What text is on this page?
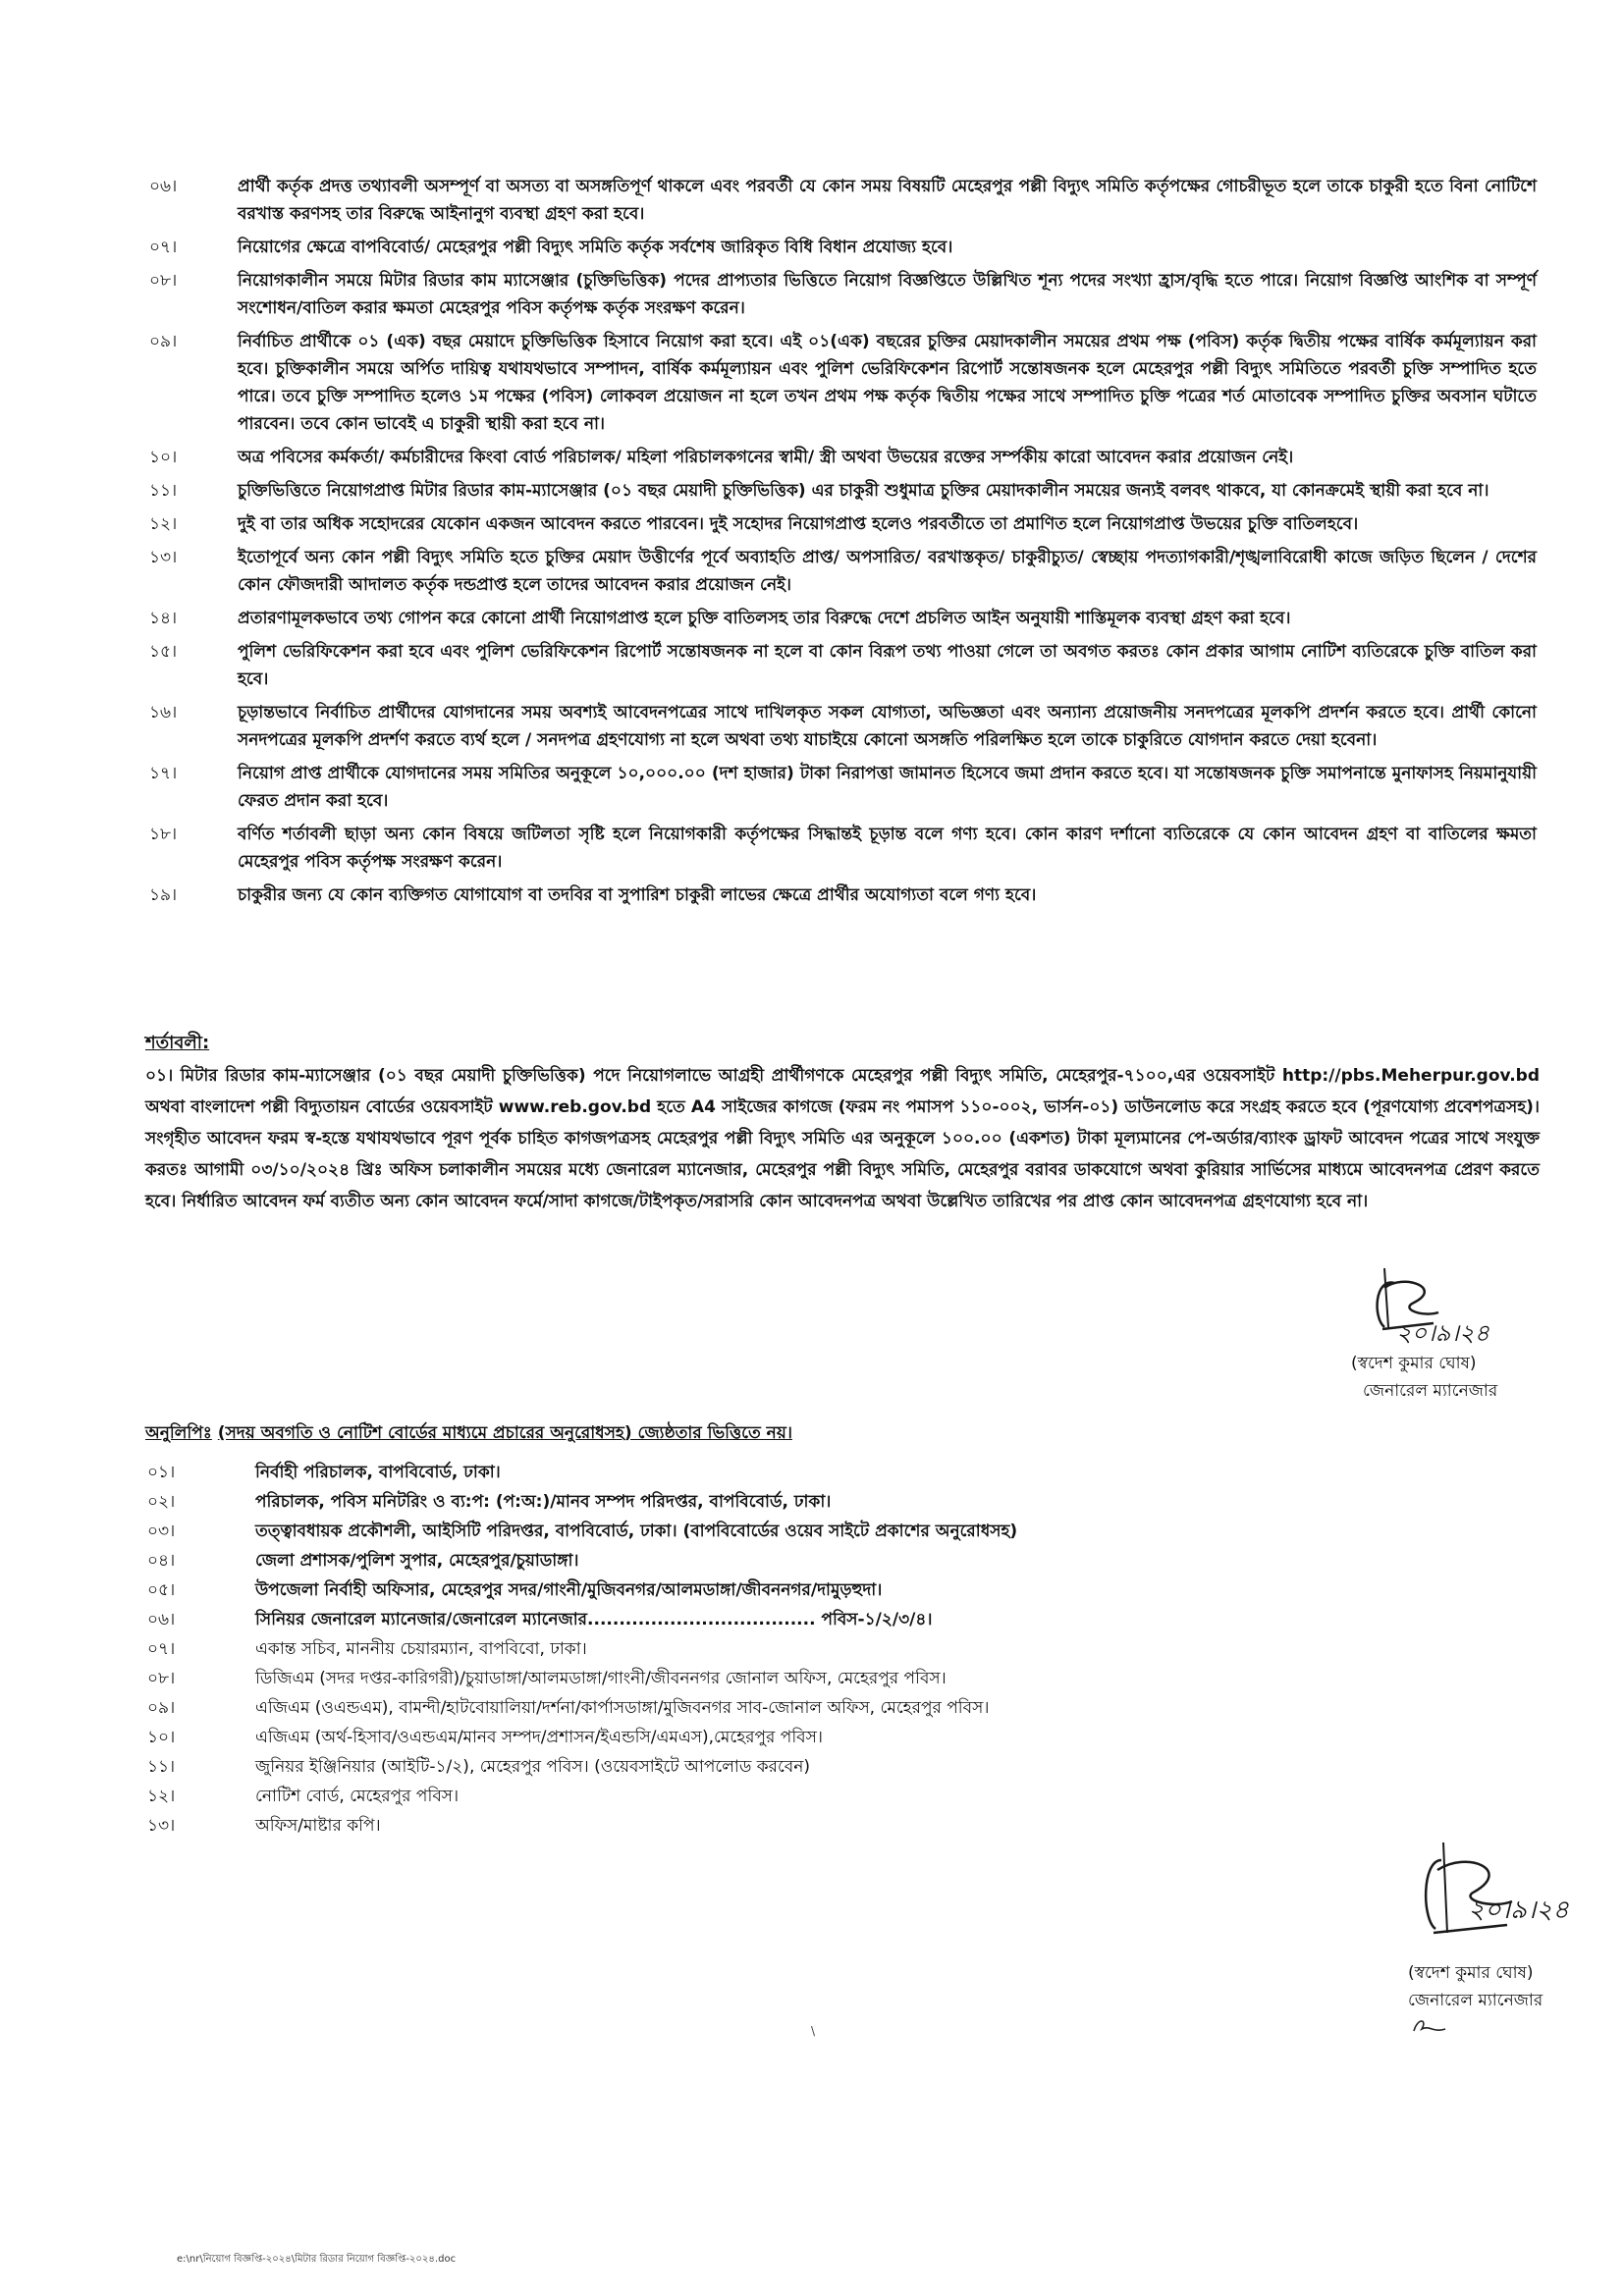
০৬।	প্রার্থী কর্তৃক প্রদত্ত তথ্যাবলী অসম্পূর্ণ বা অসত্য বা অসঙ্গতিপূর্ণ থাকলে এবং পরবর্তী যে কোন সময় বিষয়টি মেহেরপুর পল্লী বিদ্যুৎ সমিতি কর্তৃপক্ষের গোচরীভূত হলে তাকে চাকুরী হতে বিনা নোটিশে বরখাস্ত করণসহ তার বিরুদ্ধে আইনানুগ ব্যবস্থা গ্রহণ করা হবে।
০৭।	নিয়োগের ক্ষেত্রে বাপবিবোর্ড/ মেহেরপুর পল্লী বিদ্যুৎ সমিতি কর্তৃক সর্বশেষ জারিকৃত বিধি বিধান প্রযোজ্য হবে।
০৮।	নিয়োগকালীন সময়ে মিটার রিডার কাম ম্যাসেঞ্জার (চুক্তিভিত্তিক) পদের প্রাপ্যতার ভিত্তিতে নিয়োগ বিজ্ঞপ্তিতে উল্লিখিত শূন্য পদের সংখ্যা হ্রাস/বৃদ্ধি হতে পারে। নিয়োগ বিজ্ঞপ্তি আংশিক বা সম্পূর্ণ সংশোধন/বাতিল করার ক্ষমতা মেহেরপুর পবিস কর্তৃপক্ষ কর্তৃক সংরক্ষণ করেন।
০৯।	নির্বাচিত প্রার্থীকে ০১ (এক) বছর মেয়াদে চুক্তিভিত্তিক হিসাবে নিয়োগ করা হবে। এই ০১(এক) বছরের চুক্তির মেয়াদকালীন সময়ের প্রথম পক্ষ (পবিস) কর্তৃক দ্বিতীয় পক্ষের বার্ষিক কর্মমূল্যায়ন করা হবে। চুক্তিকালীন সময়ে অর্পিত দায়িত্ব যথাযথভাবে সম্পাদন, বার্ষিক কর্মমূল্যায়ন এবং পুলিশ ভেরিফিকেশন রিপোর্ট সন্তোষজনক হলে মেহেরপুর পল্লী বিদ্যুৎ সমিতিতে পরবর্তী চুক্তি সম্পাদিত হতে পারে। তবে চুক্তি সম্পাদিত হলেও ১ম পক্ষের (পবিস) লোকবল প্রয়োজন না হলে তখন প্রথম পক্ষ কর্তৃক দ্বিতীয় পক্ষের সাথে সম্পাদিত চুক্তি পত্রের শর্ত মোতাবেক সম্পাদিত চুক্তির অবসান ঘটাতে পারবেন। তবে কোন ভাবেই এ চাকুরী স্থায়ী করা হবে না।
১০।	অত্র পবিসের কর্মকর্তা/ কর্মচারীদের কিংবা বোর্ড পরিচালক/ মহিলা পরিচালকগনের স্বামী/ স্ত্রী অথবা উভয়ের রক্তের সর্ম্পকীয় কারো আবেদন করার প্রয়োজন নেই।
১১।	চুক্তিভিত্তিতে নিয়োগপ্রাপ্ত মিটার রিডার কাম-ম্যাসেঞ্জার (০১ বছর মেয়াদী চুক্তিভিত্তিক) এর চাকুরী শুধুমাত্র চুক্তির মেয়াদকালীন সময়ের জন্যই বলবৎ থাকবে, যা কোনক্রমেই স্থায়ী করা হবে না।
১২।	দুই বা তার অধিক সহোদরের যেকোন একজন আবেদন করতে পারবেন। দুই সহোদর নিয়োগপ্রাপ্ত হলেও পরবর্তীতে তা প্রমাণিত হলে নিয়োগপ্রাপ্ত উভয়ের চুক্তি বাতিলহবে।
১৩।	ইতোপূর্বে অন্য কোন পল্লী বিদ্যুৎ সমিতি হতে চুক্তির মেয়াদ উত্তীর্ণের পূর্বে অব্যাহতি প্রাপ্ত/ অপসারিত/ বরখাস্তকৃত/ চাকুরীচ্যুত/ স্বেচ্ছায় পদত্যাগকারী/শৃঙ্খলাবিরোধী কাজে জড়িত ছিলেন / দেশের কোন ফৌজদারী আদালত কর্তৃক দন্ডপ্রাপ্ত হলে তাদের আবেদন করার প্রয়োজন নেই।
১৪।	প্রতারণামূলকভাবে তথ্য গোপন করে কোনো প্রার্থী নিয়োগপ্রাপ্ত হলে চুক্তি বাতিলসহ তার বিরুদ্ধে দেশে প্রচলিত আইন অনুযায়ী শাস্তিমূলক ব্যবস্থা গ্রহণ করা হবে।
১৫।	পুলিশ ভেরিফিকেশন করা হবে এবং পুলিশ ভেরিফিকেশন রিপোর্ট সন্তোষজনক না হলে বা কোন বিরূপ তথ্য পাওয়া গেলে তা অবগত করতঃ কোন প্রকার আগাম নোটিশ ব্যতিরেকে চুক্তি বাতিল করা হবে।
১৬।	চূড়ান্তভাবে নির্বাচিত প্রার্থীদের যোগদানের সময় অবশ্যই আবেদনপত্রের সাথে দাখিলকৃত সকল যোগ্যতা, অভিজ্ঞতা এবং অন্যান্য প্রয়োজনীয় সনদপত্রের মূলকপি প্রদর্শন করতে হবে। প্রার্থী কোনো সনদপত্রের মূলকপি প্রদর্শণ করতে ব্যর্থ হলে / সনদপত্র গ্রহণযোগ্য না হলে অথবা তথ্য যাচাইয়ে কোনো অসঙ্গতি পরিলক্ষিত হলে তাকে চাকুরিতে যোগদান করতে দেয়া হবেনা।
১৭।	নিয়োগ প্রাপ্ত প্রার্থীকে যোগদানের সময় সমিতির অনুকূলে ১০,০০০.০০ (দশ হাজার) টাকা নিরাপত্তা জামানত হিসেবে জমা প্রদান করতে হবে। যা সন্তোষজনক চুক্তি সমাপনান্তে মুনাফাসহ নিয়মানুযায়ী ফেরত প্রদান করা হবে।
১৮।	বর্ণিত শর্তাবলী ছাড়া অন্য কোন বিষয়ে জটিলতা সৃষ্টি হলে নিয়োগকারী কর্তৃপক্ষের সিদ্ধান্তই চূড়ান্ত বলে গণ্য হবে। কোন কারণ দর্শানো ব্যতিরেকে যে কোন আবেদন গ্রহণ বা বাতিলের ক্ষমতা মেহেরপুর পবিস কর্তৃপক্ষ সংরক্ষণ করেন।
১৯।	চাকুরীর জন্য যে কোন ব্যক্তিগত যোগাযোগ বা তদবির বা সুপারিশ চাকুরী লাভের ক্ষেত্রে প্রার্থীর অযোগ্যতা বলে গণ্য হবে।
শর্তাবলী:
০১। মিটার রিডার কাম-ম্যাসেঞ্জার (০১ বছর মেয়াদী চুক্তিভিত্তিক) পদে নিয়োগলাভে আগ্রহী প্রার্থীগণকে মেহেরপুর পল্লী বিদ্যুৎ সমিতি, মেহেরপুর-৭১০০,এর ওয়েবসাইট http://pbs.Meherpur.gov.bd অথবা বাংলাদেশ পল্লী বিদ্যুতায়ন বোর্ডের ওয়েবসাইট www.reb.gov.bd হতে A4 সাইজের কাগজে (ফরম নং পমাসপ ১১০-০০২, ভার্সন-০১) ডাউনলোড করে সংগ্রহ করতে হবে (পূরণযোগ্য প্রবেশপত্রসহ)। সংগৃহীত আবেদন ফরম স্ব-হস্তে যথাযথভাবে পূরণ পূর্বক চাহিত কাগজপত্রসহ মেহেরপুর পল্লী বিদ্যুৎ সমিতি এর অনুকূলে ১০০.০০ (একশত) টাকা মূল্যমানের পে-অর্ডার/ব্যাংক ড্রাফট আবেদন পত্রের সাথে সংযুক্ত করতঃ আগামী ০৩/১০/২০২৪ খ্রিঃ অফিস চলাকালীন সময়ের মধ্যে জেনারেল ম্যানেজার, মেহেরপুর পল্লী বিদ্যুৎ সমিতি, মেহেরপুর বরাবর ডাকযোগে অথবা কুরিয়ার সার্ভিসের মাধ্যমে আবেদনপত্র প্রেরণ করতে হবে। নির্ধারিত আবেদন ফর্ম ব্যতীত অন্য কোন আবেদন ফর্মে/সাদা কাগজে/টাইপকৃত/সরাসরি কোন আবেদনপত্র অথবা উল্লেখিত তারিখের পর প্রাপ্ত কোন আবেদনপত্র গ্রহণযোগ্য হবে না।
২০।৯।২৪
(স্বদেশ কুমার ঘোষ)
জেনারেল ম্যানেজার
অনুলিপিঃ (সদয় অবগতি ও নোটিশ বোর্ডের মাধ্যমে প্রচারের অনুরোধসহ) জ্যেষ্ঠতার ভিত্তিতে নয়।
০১।	নির্বাহী পরিচালক, বাপবিবোর্ড, ঢাকা।
০২।	পরিচালক, পবিস মনিটরিং ও ব্য:প: (প:অ:)/মানব সম্পদ পরিদপ্তর, বাপবিবোর্ড, ঢাকা।
০৩।	তত্ত্বাবধায়ক প্রকৌশলী, আইসিটি পরিদপ্তর, বাপবিবোর্ড, ঢাকা। (বাপবিবোর্ডের ওয়েব সাইটে প্রকাশের অনুরোধসহ)
০৪।	জেলা প্রশাসক/পুলিশ সুপার, মেহেরপুর/চুয়াডাঙ্গা।
০৫।	উপজেলা নির্বাহী অফিসার, মেহেরপুর সদর/গাংনী/মুজিবনগর/আলমডাঙ্গা/জীবননগর/দামুড়হুদা।
০৬।	সিনিয়র জেনারেল ম্যানেজার/জেনারেল ম্যানেজার.................................... পবিস-১/২/৩/৪।
০৭।	একান্ত সচিব, মাননীয় চেয়ারম্যান, বাপবিবো, ঢাকা।
০৮।	ডিজিএম (সদর দপ্তর-কারিগরী)/চুয়াডাঙ্গা/আলমডাঙ্গা/গাংনী/জীবননগর জোনাল অফিস, মেহেরপুর পবিস।
০৯।	এজিএম (ওএন্ডএম), বামন্দী/হাটবোয়ালিয়া/দর্শনা/কার্পাসডাঙ্গা/মুজিবনগর সাব-জোনাল অফিস, মেহেরপুর পবিস।
১০।	এজিএম (অর্থ-হিসাব/ওএন্ডএম/মানব সম্পদ/প্রশাসন/ইএন্ডসি/এমএস),মেহেরপুর পবিস।
১১।	জুনিয়র ইঞ্জিনিয়ার (আইটি-১/২), মেহেরপুর পবিস। (ওয়েবসাইটে আপলোড করবেন)
১২।	নোটিশ বোর্ড, মেহেরপুর পবিস।
১৩।	অফিস/মাষ্টার কপি।
২০।৯।২৪
(স্বদেশ কুমার ঘোষ)
জেনারেল ম্যানেজার
\
e:\nr\নিয়োগ বিজ্ঞপ্তি-২০২৪\মিটার রিডার নিয়োগ বিজ্ঞপ্তি-২০২৪.doc
